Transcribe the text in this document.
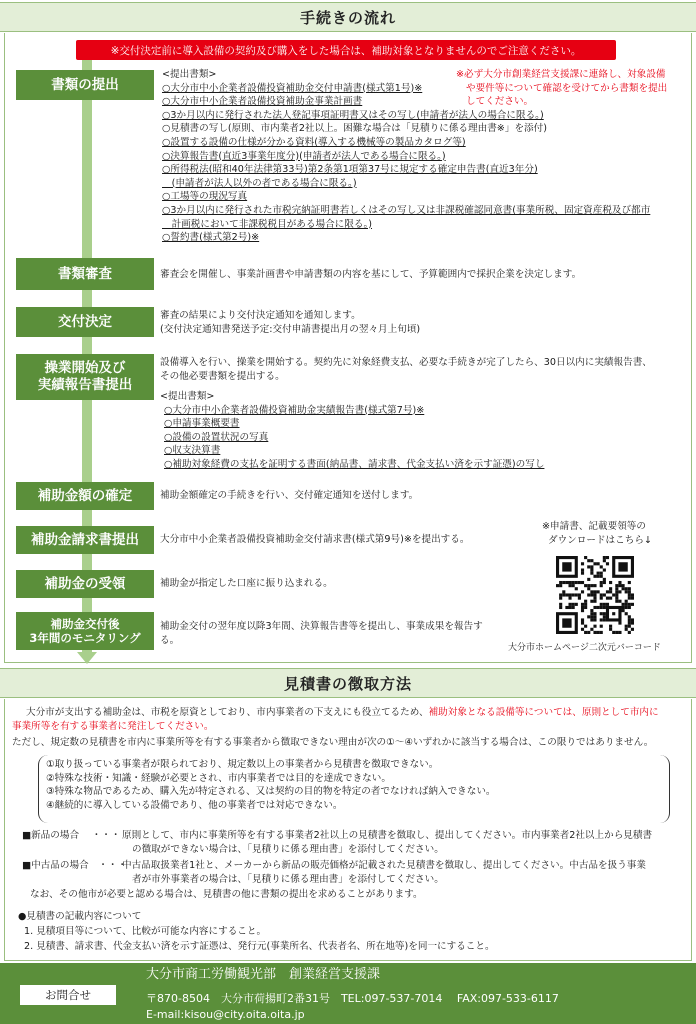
手続きの流れ
※交付決定前に導入設備の契約及び購入をした場合は、補助対象となりませんのでご注意ください。
書類の提出
書類審査
交付決定
操業開始及び
実績報告書提出
補助金額の確定
補助金請求書提出
補助金の受領
補助金交付後
3年間のモニタリング
<提出書類>
○大分市中小企業者設備投資補助金交付申請書(様式第1号)※
○大分市中小企業者設備投資補助金事業計画書
○3か月以内に発行された法人登記事項証明書又はその写し(申請者が法人の場合に限る。)
○見積書の写し(原則、市内業者2社以上。困難な場合は「見積りに係る理由書※」を添付)
○設置する設備の仕様が分かる資料(導入する機械等の製品カタログ等)
○決算報告書(直近3事業年度分)(申請者が法人である場合に限る。)
○所得税法(昭和40年法律第33号)第2条第1項第37号に規定する確定申告書(直近3年分)
　(申請者が法人以外の者である場合に限る。)
○工場等の現況写真
○3か月以内に発行された市税完納証明書若しくはその写し又は非課税確認同意書(事業所税、固定資産税及び都市
　計画税において非課税税目がある場合に限る。)
○誓約書(様式第2号)※
※必ず大分市創業経営支援課に連絡し、対象設備
や要件等について確認を受けてから書類を提出
してください。
審査会を開催し、事業計画書や申請書類の内容を基にして、予算範囲内で採択企業を決定します。
審査の結果により交付決定通知を通知します。
(交付決定通知書発送予定:交付申請書提出月の翌々月上旬頃)
設備導入を行い、操業を開始する。契約先に対象経費支払、必要な手続きが完了したら、30日以内に実績報告書、
その他必要書類を提出する。
<提出書類>
○大分市中小企業者設備投資補助金実績報告書(様式第7号)※
○申請事業概要書
○設備の設置状況の写真
○収支決算書
○補助対象経費の支払を証明する書面(納品書、請求書、代金支払い済を示す証憑)の写し
補助金額確定の手続きを行い、交付確定通知を送付します。
大分市中小企業者設備投資補助金交付請求書(様式第9号)※を提出する。
補助金が指定した口座に振り込まれる。
補助金交付の翌年度以降3年間、決算報告書等を提出し、事業成果を報告す
る。
※申請書、記載要領等の
ダウンロードはこちら↓
大分市ホームページ二次元バーコード
見積書の徴取方法
大分市が支出する補助金は、市税を原資としており、市内事業者の下支えにも役立てるため、補助対象となる設備等については、原則として市内に
事業所等を有する事業者に発注してください。
ただし、規定数の見積書を市内に事業所等を有する事業者から徴取できない理由が次の①～④いずれかに該当する場合は、この限りではありません。
①取り扱っている事業者が限られており、規定数以上の事業者から見積書を徴取できない。
②特殊な技術・知識・経験が必要とされ、市内事業者では目的を達成できない。
③特殊な物品であるため、購入先が特定される、又は契約の目的物を特定の者でなければ納入できない。
④継続的に導入している設備であり、他の事業者では対応できない。
■新品の場合　 ・・・ 原則として、市内に事業所等を有する事業者2社以上の見積書を徴取し、提出してください。市内事業者2社以上から見積書
の徴取ができない場合は、「見積りに係る理由書」を添付してください。
■中古品の場合　・・・
中古品取扱業者1社と、メーカーから新品の販売価格が記載された見積書を徴取し、提出してください。中古品を扱う事業
者が市外事業者の場合は、「見積りに係る理由書」を添付してください。
なお、その他市が必要と認める場合は、見積書の他に書類の提出を求めることがあります。
●見積書の記載内容について
1. 見積項目等について、比較が可能な内容にすること。
2. 見積書、請求書、代金支払い済を示す証憑は、発行元(事業所名、代表者名、所在地等)を同一にすること。
お問合せ
大分市商工労働観光部　創業経営支援課
〒870-8504　大分市荷揚町2番31号　TEL:097-537-7014　 FAX:097-533-6117
E-mail:kisou@city.oita.oita.jp
